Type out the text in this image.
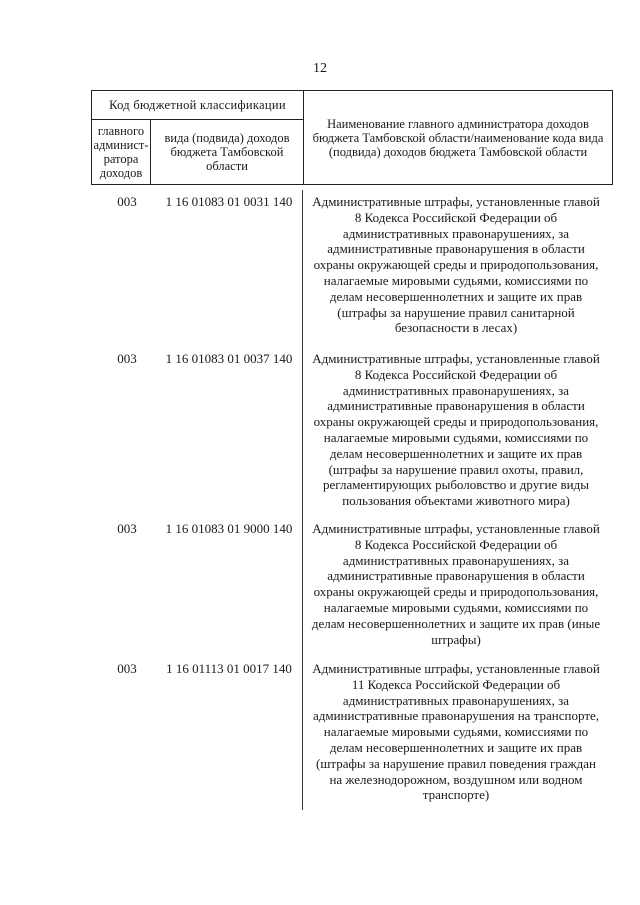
12
Код бюджетной классификации		Наименование главного администратора доходов бюджета Тамбовской области/наименование кода вида (подвида) доходов бюджета Тамбовской области
главного админист-ратора доходов	вида (подвида) доходов бюджета Тамбовской области	
003	1 16 01083 01 0031 140	Административные штрафы, установленные главой 8 Кодекса Российской Федерации об административных правонарушениях, за административные правонарушения в области охраны окружающей среды и природопользования, налагаемые мировыми судьями, комиссиями по делам несовершеннолетних и защите их прав (штрафы за нарушение правил санитарной безопасности в лесах)
003	1 16 01083 01 0037 140	Административные штрафы, установленные главой 8 Кодекса Российской Федерации об административных правонарушениях, за административные правонарушения в области охраны окружающей среды и природопользования, налагаемые мировыми судьями, комиссиями по делам несовершеннолетних и защите их прав (штрафы за нарушение правил охоты, правил, регламентирующих рыболовство и другие виды пользования объектами животного мира)
003	1 16 01083 01 9000 140	Административные штрафы, установленные главой 8 Кодекса Российской Федерации об административных правонарушениях, за административные правонарушения в области охраны окружающей среды и природопользования, налагаемые мировыми судьями, комиссиями по делам несовершеннолетних и защите их прав (иные штрафы)
003	1 16 01113 01 0017 140	Административные штрафы, установленные главой 11 Кодекса Российской Федерации об административных правонарушениях, за административные правонарушения на транспорте, налагаемые мировыми судьями, комиссиями по делам несовершеннолетних и защите их прав (штрафы за нарушение правил поведения граждан на железнодорожном, воздушном или водном транспорте)
